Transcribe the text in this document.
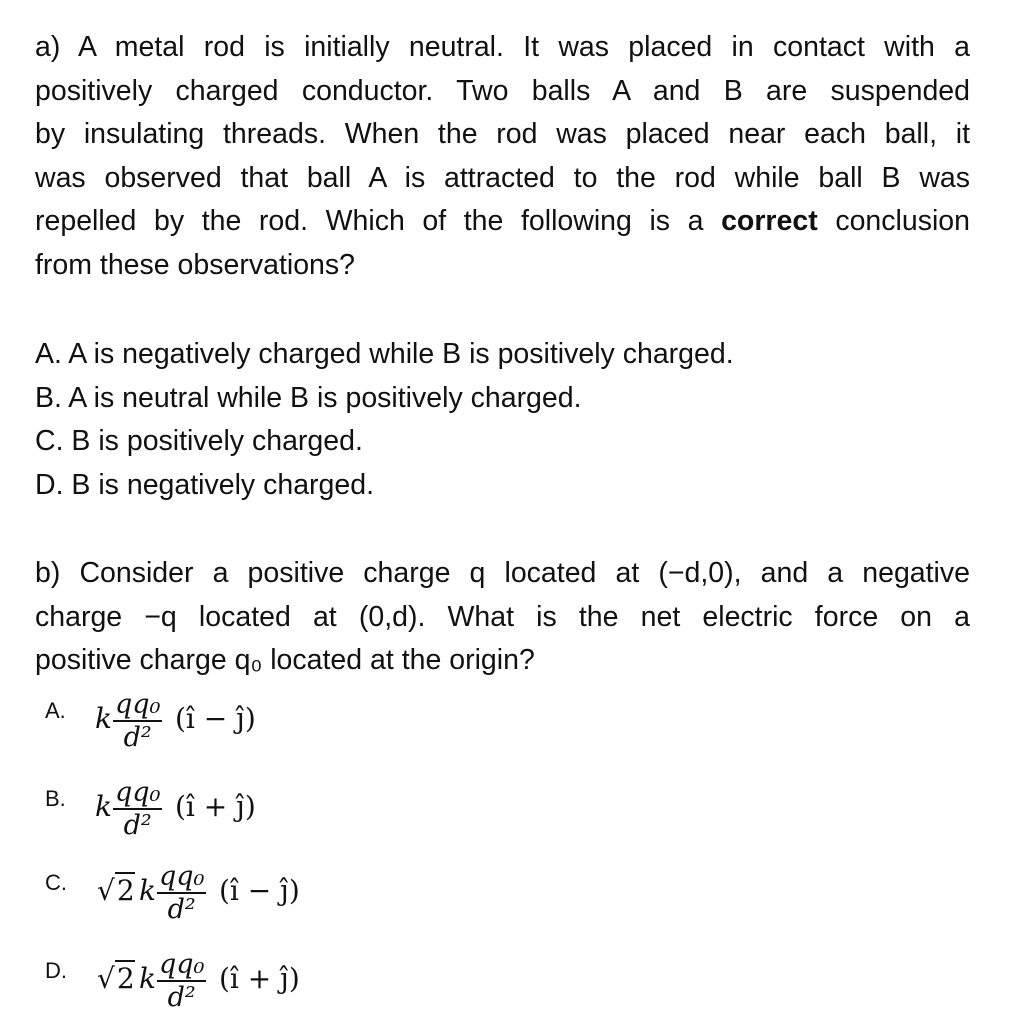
a) A metal rod is initially neutral. It was placed in contact with a
positively charged conductor. Two balls A and B are suspended
by insulating threads. When the rod was placed near each ball, it
was observed that ball A is attracted to the rod while ball B was
repelled by the rod. Which of the following is a correct conclusion
from these observations?
A. A is negatively charged while B is positively charged.
B. A is neutral while B is positively charged.
C. B is positively charged.
D. B is negatively charged.
b) Consider a positive charge q located at (−d,0), and a negative
charge −q located at (0,d). What is the net electric force on a
positive charge q₀ located at the origin?
A. k $\frac{\text{qq₀}}{\text{d²}}$ (î − ĵ)
B. k $\frac{\text{qq₀}}{\text{d²}}$ (î + ĵ)
C. √2 k $\frac{\text{qq₀}}{\text{d²}}$ (î − ĵ)
D. √2 k $\frac{\text{qq₀}}{\text{d²}}$ (î + ĵ)
